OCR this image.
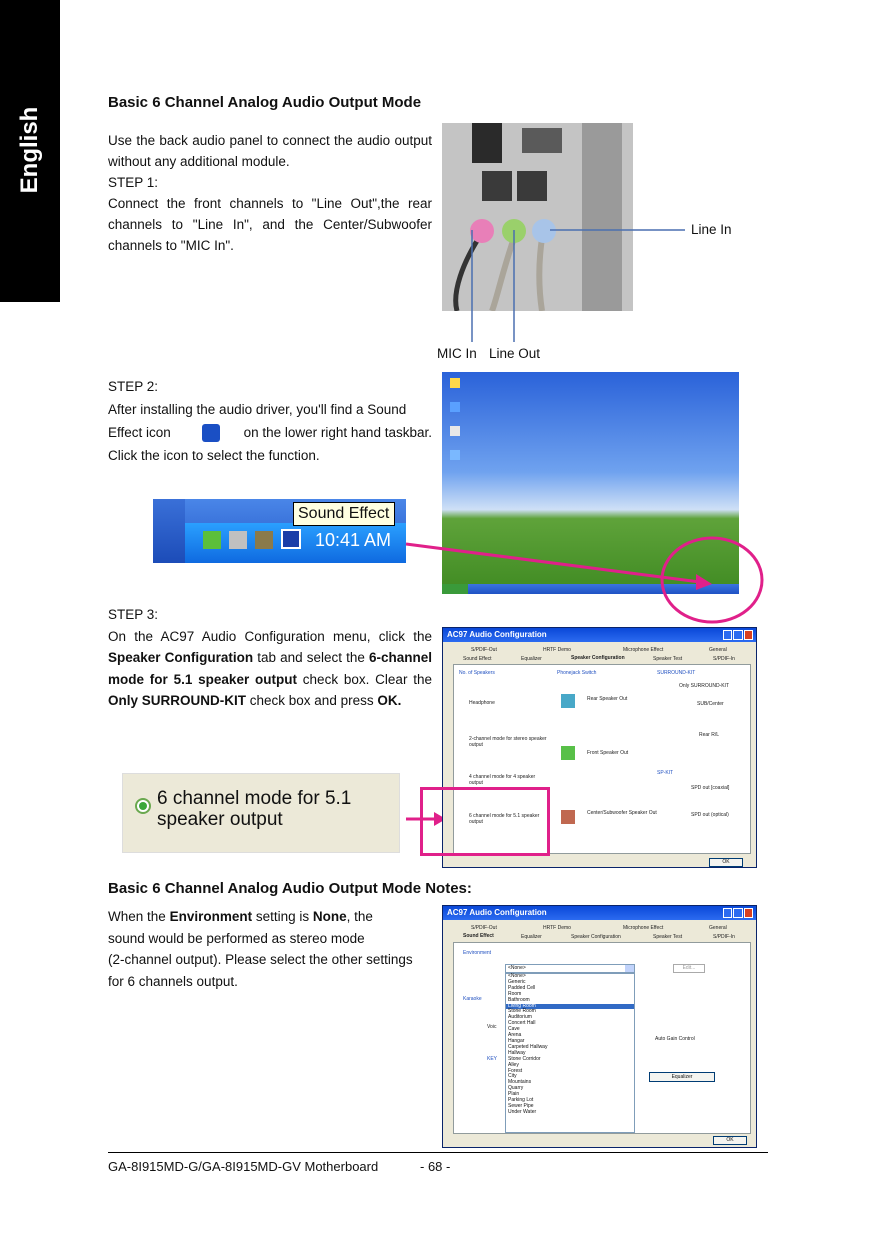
English
Basic 6 Channel Analog Audio Output Mode
Use the back audio panel to connect the audio output without any additional module.
STEP 1:
Connect the front channels to "Line Out",the rear channels to "Line In", and the Center/Subwoofer channels to "MIC In".
Line In
MIC In Line Out
STEP 2:
After installing the audio driver, you'll find a Sound

Effect icon	on the lower right hand taskbar.
Click the icon to select the function.
Sound Effect
10:41 AM
STEP 3:
On the AC97 Audio Configuration menu, click the Speaker Configuration tab and select the 6-channel mode for 5.1 speaker output check box. Clear the Only SURROUND-KIT check box and press OK.
6 channel mode for 5.1 speaker output
AC97 Audio Configuration
S/PDIF-Out	HRTF Demo	Microphone Effect	General
Sound Effect	Equalizer	Speaker Configuration	Speaker Test	S/PDIF-In
No. of Speakers
Headphone
2-channel mode for stereo speaker output
4 channel mode for 4 speaker output
6 channel mode for 5.1 speaker output
Phonejack Switch
Rear Speaker Out
Front Speaker Out
Center/Subwoofer Speaker Out
SURROUND-KIT
Only SURROUND-KIT
SUB/Center
Rear R/L
SP-KIT
SPD out [coaxial]
SPD out (optical)
OK
Basic 6 Channel Analog Audio Output Mode Notes:
When the Environment setting is None, the
sound would be performed as stereo mode
(2-channel output). Please select the other settings
for 6 channels output.
AC97 Audio Configuration
S/PDIF-Out	HRTF Demo	Microphone Effect	General
Sound Effect	Equalizer	Speaker Configuration	Speaker Test	S/PDIF-In
Environment
<None>	Edit...
Karaoke
Voic
KEY
Auto Gain Control
Equalizer
<None>
Generic
Padded Cell
Room
Bathroom
Living Room
Stone Room
Auditorium
Concert Hall
Cave
Arena
Hangar
Carpeted Hallway
Hallway
Stone Corridor
Alley
Forest
City
Mountains
Quarry
Plain
Parking Lot
Sewer Pipe
Under Water
OK
GA-8I915MD-G/GA-8I915MD-GV Motherboard	- 68 -
